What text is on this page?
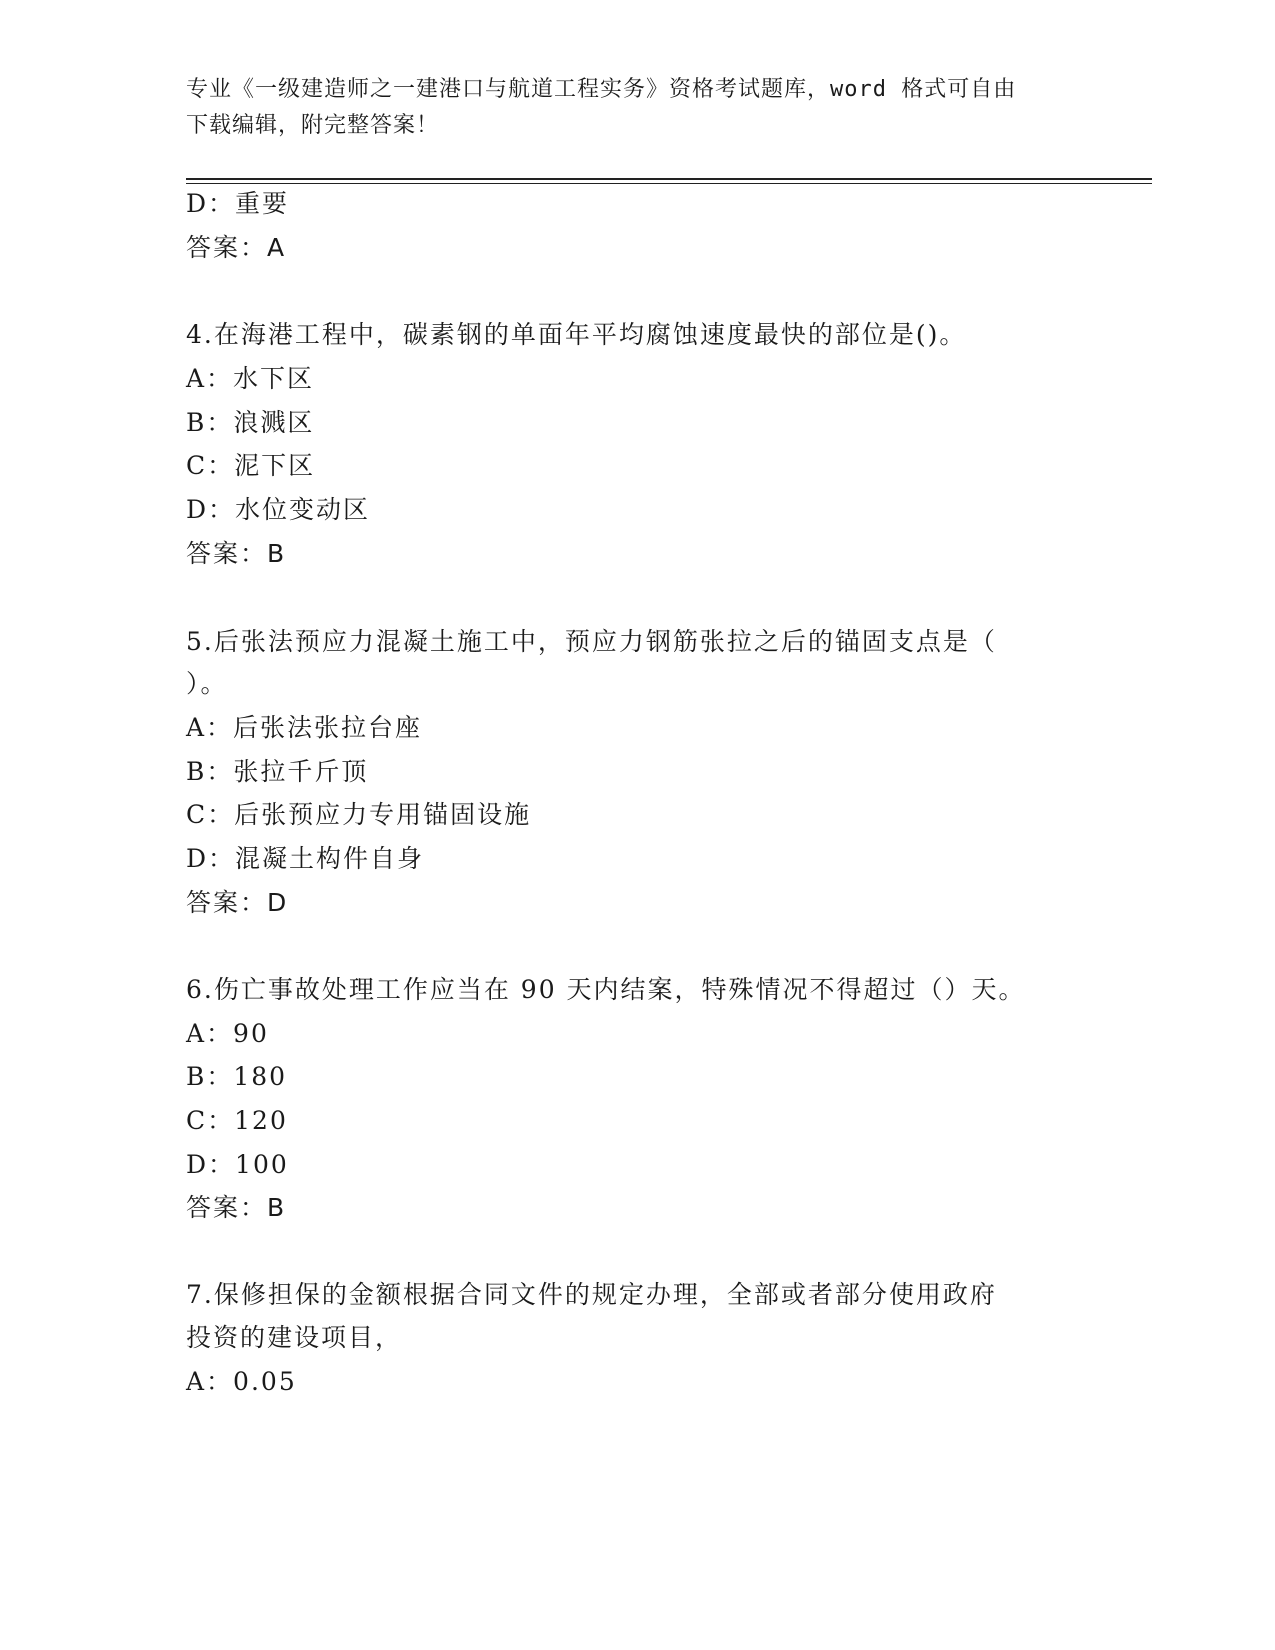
专业《一级建造师之一建港口与航道工程实务》资格考试题库，word 格式可自由
下载编辑，附完整答案！
D：重要
答案：A
4.在海港工程中，碳素钢的单面年平均腐蚀速度最快的部位是()。
A：水下区
B：浪溅区
C：泥下区
D：水位变动区
答案：B
5.后张法预应力混凝土施工中，预应力钢筋张拉之后的锚固支点是（
）。
A：后张法张拉台座
B：张拉千斤顶
C：后张预应力专用锚固设施
D：混凝土构件自身
答案：D
6.伤亡事故处理工作应当在 90 天内结案，特殊情况不得超过（）天。
A：90
B：180
C：120
D：100
答案：B
7.保修担保的金额根据合同文件的规定办理，全部或者部分使用政府
投资的建设项目，
A：0.05
